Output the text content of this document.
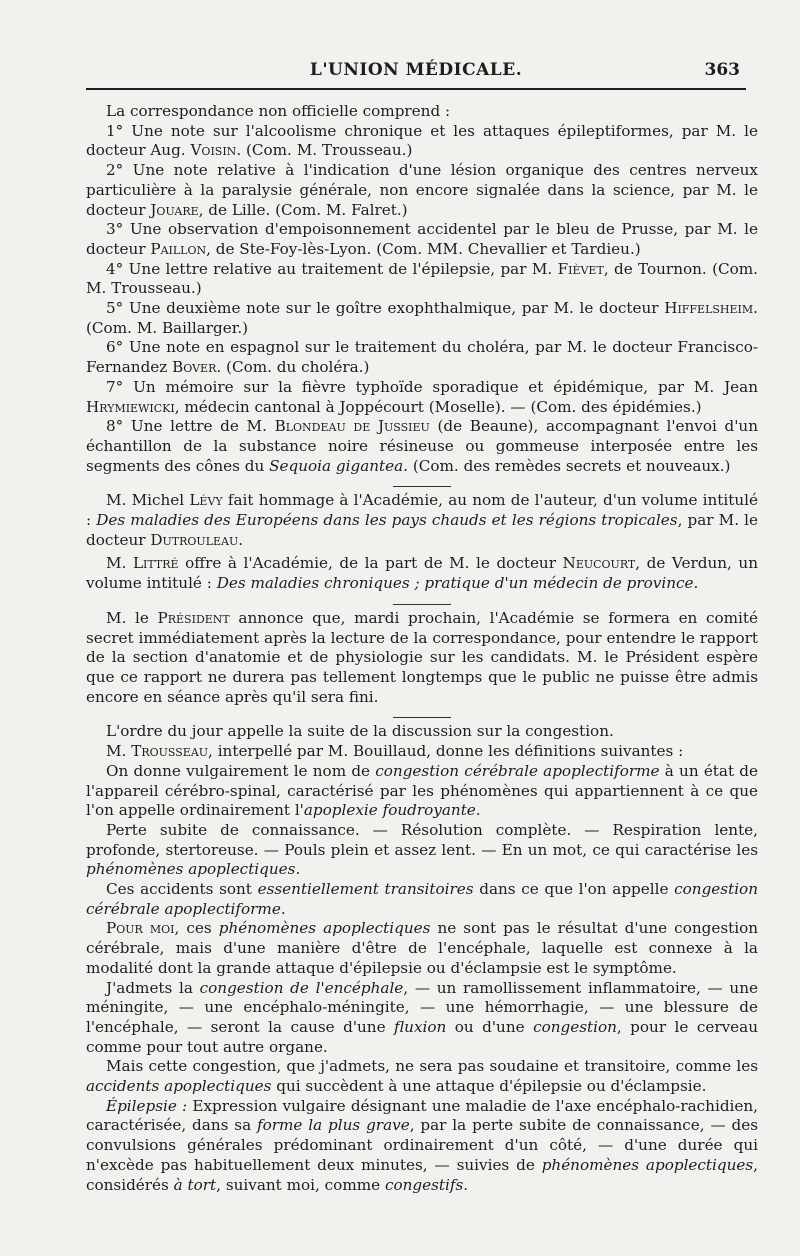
L'UNION MÉDICALE.	363

La correspondance non officielle comprend :

1° Une note sur l'alcoolisme chronique et les attaques épileptiformes, par M. le docteur Aug. Voisin. (Com. M. Trousseau.)

2° Une note relative à l'indication d'une lésion organique des centres nerveux particulière à la paralysie générale, non encore signalée dans la science, par M. le docteur Jouare, de Lille. (Com. M. Falret.)

3° Une observation d'empoisonnement accidentel par le bleu de Prusse, par M. le docteur Paillon, de Ste-Foy-lès-Lyon. (Com. MM. Chevallier et Tardieu.)

4° Une lettre relative au traitement de l'épilepsie, par M. Fièvet, de Tournon. (Com. M. Trousseau.)

5° Une deuxième note sur le goître exophthalmique, par M. le docteur Hiffelsheim. (Com. M. Baillarger.)

6° Une note en espagnol sur le traitement du choléra, par M. le docteur Francisco-Fernandez Bover. (Com. du choléra.)

7° Un mémoire sur la fièvre typhoïde sporadique et épidémique, par M. Jean Hrymiewicki, médecin cantonal à Joppécourt (Moselle). — (Com. des épidémies.)

8° Une lettre de M. Blondeau de Jussieu (de Beaune), accompagnant l'envoi d'un échantillon de la substance noire résineuse ou gommeuse interposée entre les segments des cônes du Sequoia gigantea. (Com. des remèdes secrets et nouveaux.)

M. Michel Lévy fait hommage à l'Académie, au nom de l'auteur, d'un volume intitulé : Des maladies des Européens dans les pays chauds et les régions tropicales, par M. le docteur Dutrouleau.

M. Littré offre à l'Académie, de la part de M. le docteur Neucourt, de Verdun, un volume intitulé : Des maladies chroniques ; pratique d'un médecin de province.

M. le Président annonce que, mardi prochain, l'Académie se formera en comité secret immédiatement après la lecture de la correspondance, pour entendre le rapport de la section d'anatomie et de physiologie sur les candidats. M. le Président espère que ce rapport ne durera pas tellement longtemps que le public ne puisse être admis encore en séance après qu'il sera fini.

L'ordre du jour appelle la suite de la discussion sur la congestion.

M. Trousseau, interpellé par M. Bouillaud, donne les définitions suivantes :

On donne vulgairement le nom de congestion cérébrale apoplectiforme à un état de l'appareil cérébro-spinal, caractérisé par les phénomènes qui appartiennent à ce que l'on appelle ordinairement l'apoplexie foudroyante.

Perte subite de connaissance. — Résolution complète. — Respiration lente, profonde, stertoreuse. — Pouls plein et assez lent. — En un mot, ce qui caractérise les phénomènes apoplectiques.

Ces accidents sont essentiellement transitoires dans ce que l'on appelle congestion cérébrale apoplectiforme.

Pour moi, ces phénomènes apoplectiques ne sont pas le résultat d'une congestion cérébrale, mais d'une manière d'être de l'encéphale, laquelle est connexe à la modalité dont la grande attaque d'épilepsie ou d'éclampsie est le symptôme.

J'admets la congestion de l'encéphale, — un ramollissement inflammatoire, — une méningite, — une encéphalo-méningite, — une hémorrhagie, — une blessure de l'encéphale, — seront la cause d'une fluxion ou d'une congestion, pour le cerveau comme pour tout autre organe.

Mais cette congestion, que j'admets, ne sera pas soudaine et transitoire, comme les accidents apoplectiques qui succèdent à une attaque d'épilepsie ou d'éclampsie.

Épilepsie : Expression vulgaire désignant une maladie de l'axe encéphalo-rachidien, caractérisée, dans sa forme la plus grave, par la perte subite de connaissance, — des convulsions générales prédominant ordinairement d'un côté, — d'une durée qui n'excède pas habituellement deux minutes, — suivies de phénomènes apoplectiques, considérés à tort, suivant moi, comme congestifs.
